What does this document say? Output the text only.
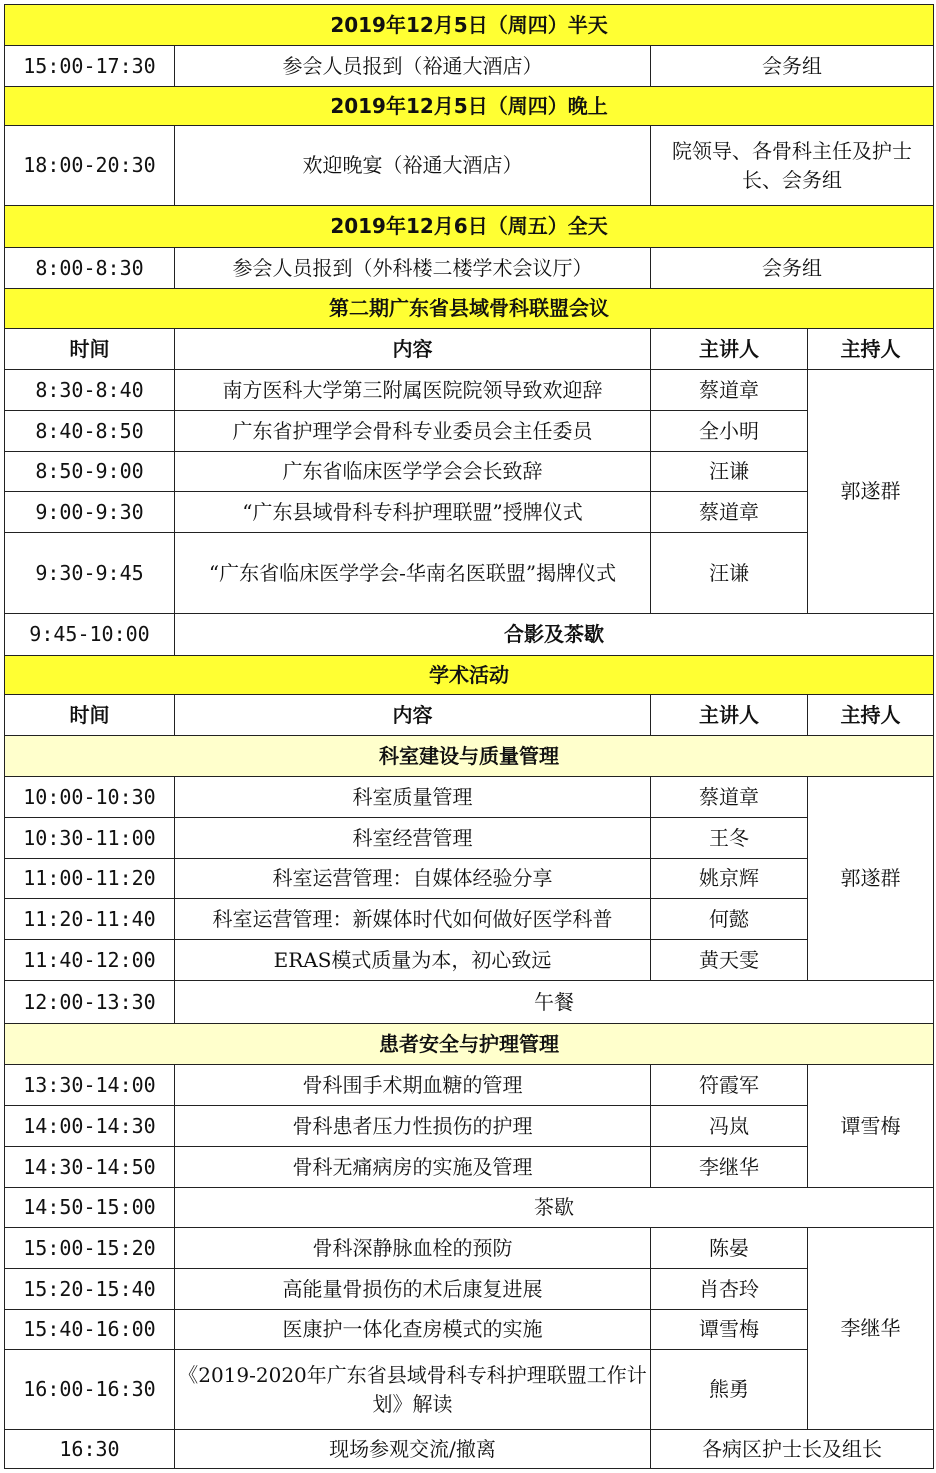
2019年12月5日（周四）半天			
15:00-17:30	参会人员报到（裕通大酒店）	会务组	
2019年12月5日（周四）晚上			
18:00-20:30	欢迎晚宴（裕通大酒店）	院领导、各骨科主任及护士长、会务组	
2019年12月6日（周五）全天			
8:00-8:30	参会人员报到（外科楼二楼学术会议厅）	会务组	
第二期广东省县域骨科联盟会议			
时间	内容	主讲人	主持人
8:30-8:40	南方医科大学第三附属医院院领导致欢迎辞	蔡道章	郭遂群
8:40-8:50	广东省护理学会骨科专业委员会主任委员	全小明	
8:50-9:00	广东省临床医学学会会长致辞	汪谦	
9:00-9:30	“广东县域骨科专科护理联盟”授牌仪式	蔡道章	
9:30-9:45	“广东省临床医学学会-华南名医联盟”揭牌仪式	汪谦	
9:45-10:00	合影及茶歇		
学术活动			
时间	内容	主讲人	主持人
科室建设与质量管理			
10:00-10:30	科室质量管理	蔡道章	郭遂群
10:30-11:00	科室经营管理	王冬	
11:00-11:20	科室运营管理：自媒体经验分享	姚京辉	
11:20-11:40	科室运营管理：新媒体时代如何做好医学科普	何懿	
11:40-12:00	ERAS模式质量为本，初心致远	黄天雯	
12:00-13:30	午餐		
患者安全与护理管理			
13:30-14:00	骨科围手术期血糖的管理	符霞军	谭雪梅
14:00-14:30	骨科患者压力性损伤的护理	冯岚	
14:30-14:50	骨科无痛病房的实施及管理	李继华	
14:50-15:00	茶歇		
15:00-15:20	骨科深静脉血栓的预防	陈晏	李继华
15:20-15:40	高能量骨损伤的术后康复进展	肖杏玲	
15:40-16:00	医康护一体化查房模式的实施	谭雪梅	
16:00-16:30	《2019-2020年广东省县域骨科专科护理联盟工作计划》解读	熊勇	
16:30	现场参观交流/撤离	各病区护士长及组长	
